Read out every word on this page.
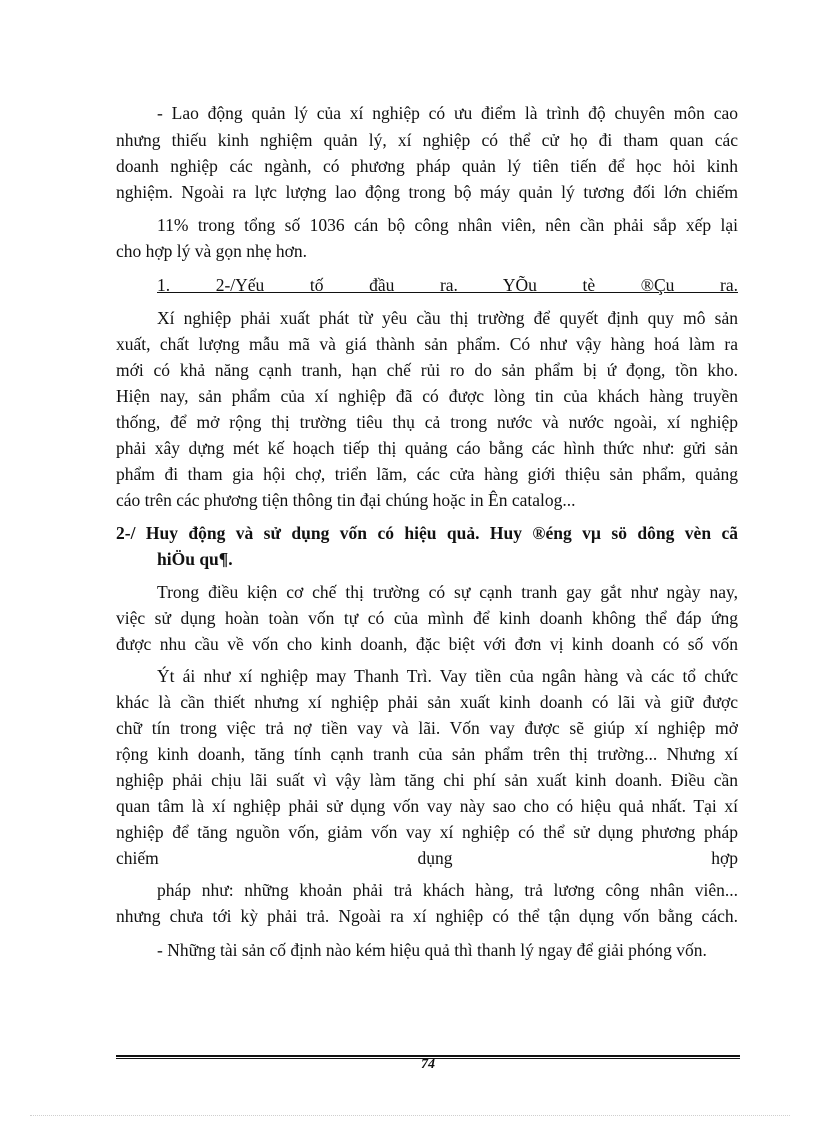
- Lao động quản lý của xí nghiệp có ưu điểm là trình độ chuyên môn cao
nhưng thiếu kinh nghiệm quản lý, xí nghiệp có thể cử họ đi tham quan các
doanh nghiệp các ngành, có phương pháp quản lý tiên tiến để học hỏi kinh
nghiệm. Ngoài ra lực lượng lao động trong bộ máy quản lý tương đối lớn chiếm
11% trong tổng số 1036 cán bộ công nhân viên, nên cần phải sắp xếp lại
cho hợp lý và gọn nhẹ hơn.
1. 2-/Yếu tố đầu ra. YÕu tè ®Çu ra.
Xí nghiệp phải xuất phát từ yêu cầu thị trường để quyết định quy mô sản
xuất, chất lượng mẫu mã và giá thành sản phẩm. Có như vậy hàng hoá làm ra
mới có khả năng cạnh tranh, hạn chế rủi ro do sản phẩm bị ứ đọng, tồn kho.
Hiện nay, sản phẩm của xí nghiệp đã có được lòng tin của khách hàng truyền
thống, để mở rộng thị trường tiêu thụ cả trong nước và nước ngoài, xí nghiệp
phải xây dựng mét kế hoạch tiếp thị quảng cáo bằng các hình thức như: gửi sản
phẩm đi tham gia hội chợ, triển lãm, các cửa hàng giới thiệu sản phẩm, quảng
cáo trên các phương tiện thông tin đại chúng hoặc in Ên catalog...
2-/ Huy động và sử dụng vốn có hiệu quả. Huy ®éng vµ sö dông vèn cã
hiÖu qu¶.
Trong điều kiện cơ chế thị trường có sự cạnh tranh gay gắt như ngày nay,
việc sử dụng hoàn toàn vốn tự có của mình để kinh doanh không thể đáp ứng
được nhu cầu về vốn cho kinh doanh, đặc biệt với đơn vị kinh doanh có số vốn
Ýt ái như xí nghiệp may Thanh Trì. Vay tiền của ngân hàng và các tổ chức
khác là cần thiết nhưng xí nghiệp phải sản xuất kinh doanh có lãi và giữ được
chữ tín trong việc trả nợ tiền vay và lãi. Vốn vay được sẽ giúp xí nghiệp mở
rộng kinh doanh, tăng tính cạnh tranh của sản phẩm trên thị trường... Nhưng xí
nghiệp phải chịu lãi suất vì vậy làm tăng chi phí sản xuất kinh doanh. Điều cần
quan tâm là xí nghiệp phải sử dụng vốn vay này sao cho có hiệu quả nhất. Tại xí
nghiệp để tăng nguồn vốn, giảm vốn vay xí nghiệp có thể sử dụng phương pháp
chiếm dụng hợp
pháp như: những khoản phải trả khách hàng, trả lương công nhân viên...
nhưng chưa tới kỳ phải trả. Ngoài ra xí nghiệp có thể tận dụng vốn bằng cách.
- Những tài sản cố định nào kém hiệu quả thì thanh lý ngay để giải phóng vốn.
74
